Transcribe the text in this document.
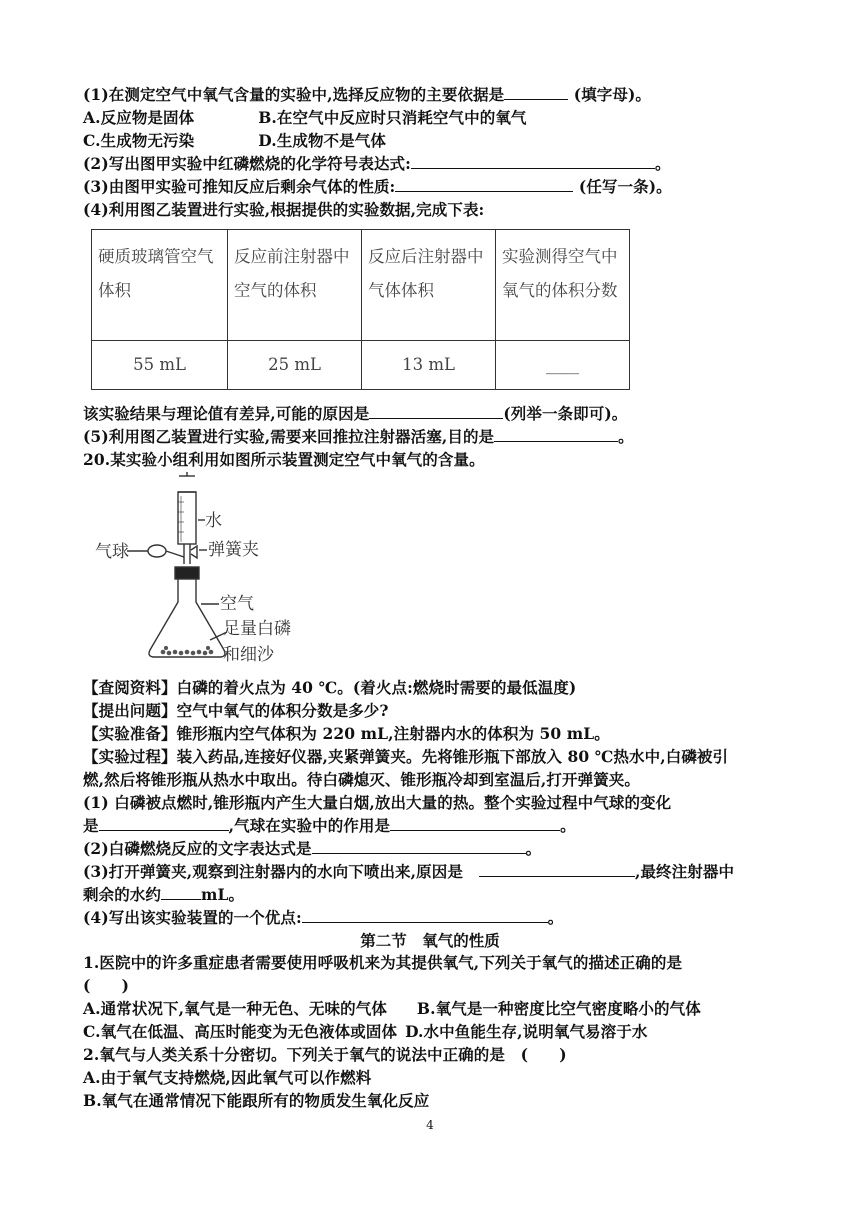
(1)在测定空气中氧气含量的实验中,选择反应物的主要依据是	(填字母)。
A.反应物是固体	B.在空气中反应时只消耗空气中的氧气
C.生成物无污染	D.生成物不是气体
(2)写出图甲实验中红磷燃烧的化学符号表达式:	。
(3)由图甲实验可推知反应后剩余气体的性质:	(任写一条)。
(4)利用图乙装置进行实验,根据提供的实验数据,完成下表:
硬质玻璃管空气体积	反应前注射器中空气的体积	反应后注射器中气体体积	实验测得空气中氧气的体积分数
55 mL	25 mL	13 mL	____
该实验结果与理论值有差异,可能的原因是	(列举一条即可)。
(5)利用图乙装置进行实验,需要来回推拉注射器活塞,目的是	。
20.某实验小组利用如图所示装置测定空气中氧气的含量。
水
弹簧夹
气球
空气
足量白磷
和细沙
【查阅资料】白磷的着火点为 40 ℃。(着火点:燃烧时需要的最低温度)
【提出问题】空气中氧气的体积分数是多少?
【实验准备】锥形瓶内空气体积为 220 mL,注射器内水的体积为 50 mL。
【实验过程】装入药品,连接好仪器,夹紧弹簧夹。先将锥形瓶下部放入 80 ℃热水中,白磷被引
燃,然后将锥形瓶从热水中取出。待白磷熄灭、锥形瓶冷却到室温后,打开弹簧夹。
(1) 白磷被点燃时,锥形瓶内产生大量白烟,放出大量的热。整个实验过程中气球的变化
是	,气球在实验中的作用是	。
(2)白磷燃烧反应的文字表达式是	。
(3)打开弹簧夹,观察到注射器内的水向下喷出来,原因是	,最终注射器中
剩余的水约	mL。
(4)写出该实验装置的一个优点:	。
第二节　氧气的性质
1.医院中的许多重症患者需要使用呼吸机来为其提供氧气,下列关于氧气的描述正确的是
(　　)
A.通常状况下,氧气是一种无色、无味的气体 B.氧气是一种密度比空气密度略小的气体
C.氧气在低温、高压时能变为无色液体或固体 D.水中鱼能生存,说明氧气易溶于水
2.氧气与人类关系十分密切。下列关于氧气的说法中正确的是　(　　)
A.由于氧气支持燃烧,因此氧气可以作燃料
B.氧气在通常情况下能跟所有的物质发生氧化反应
4
